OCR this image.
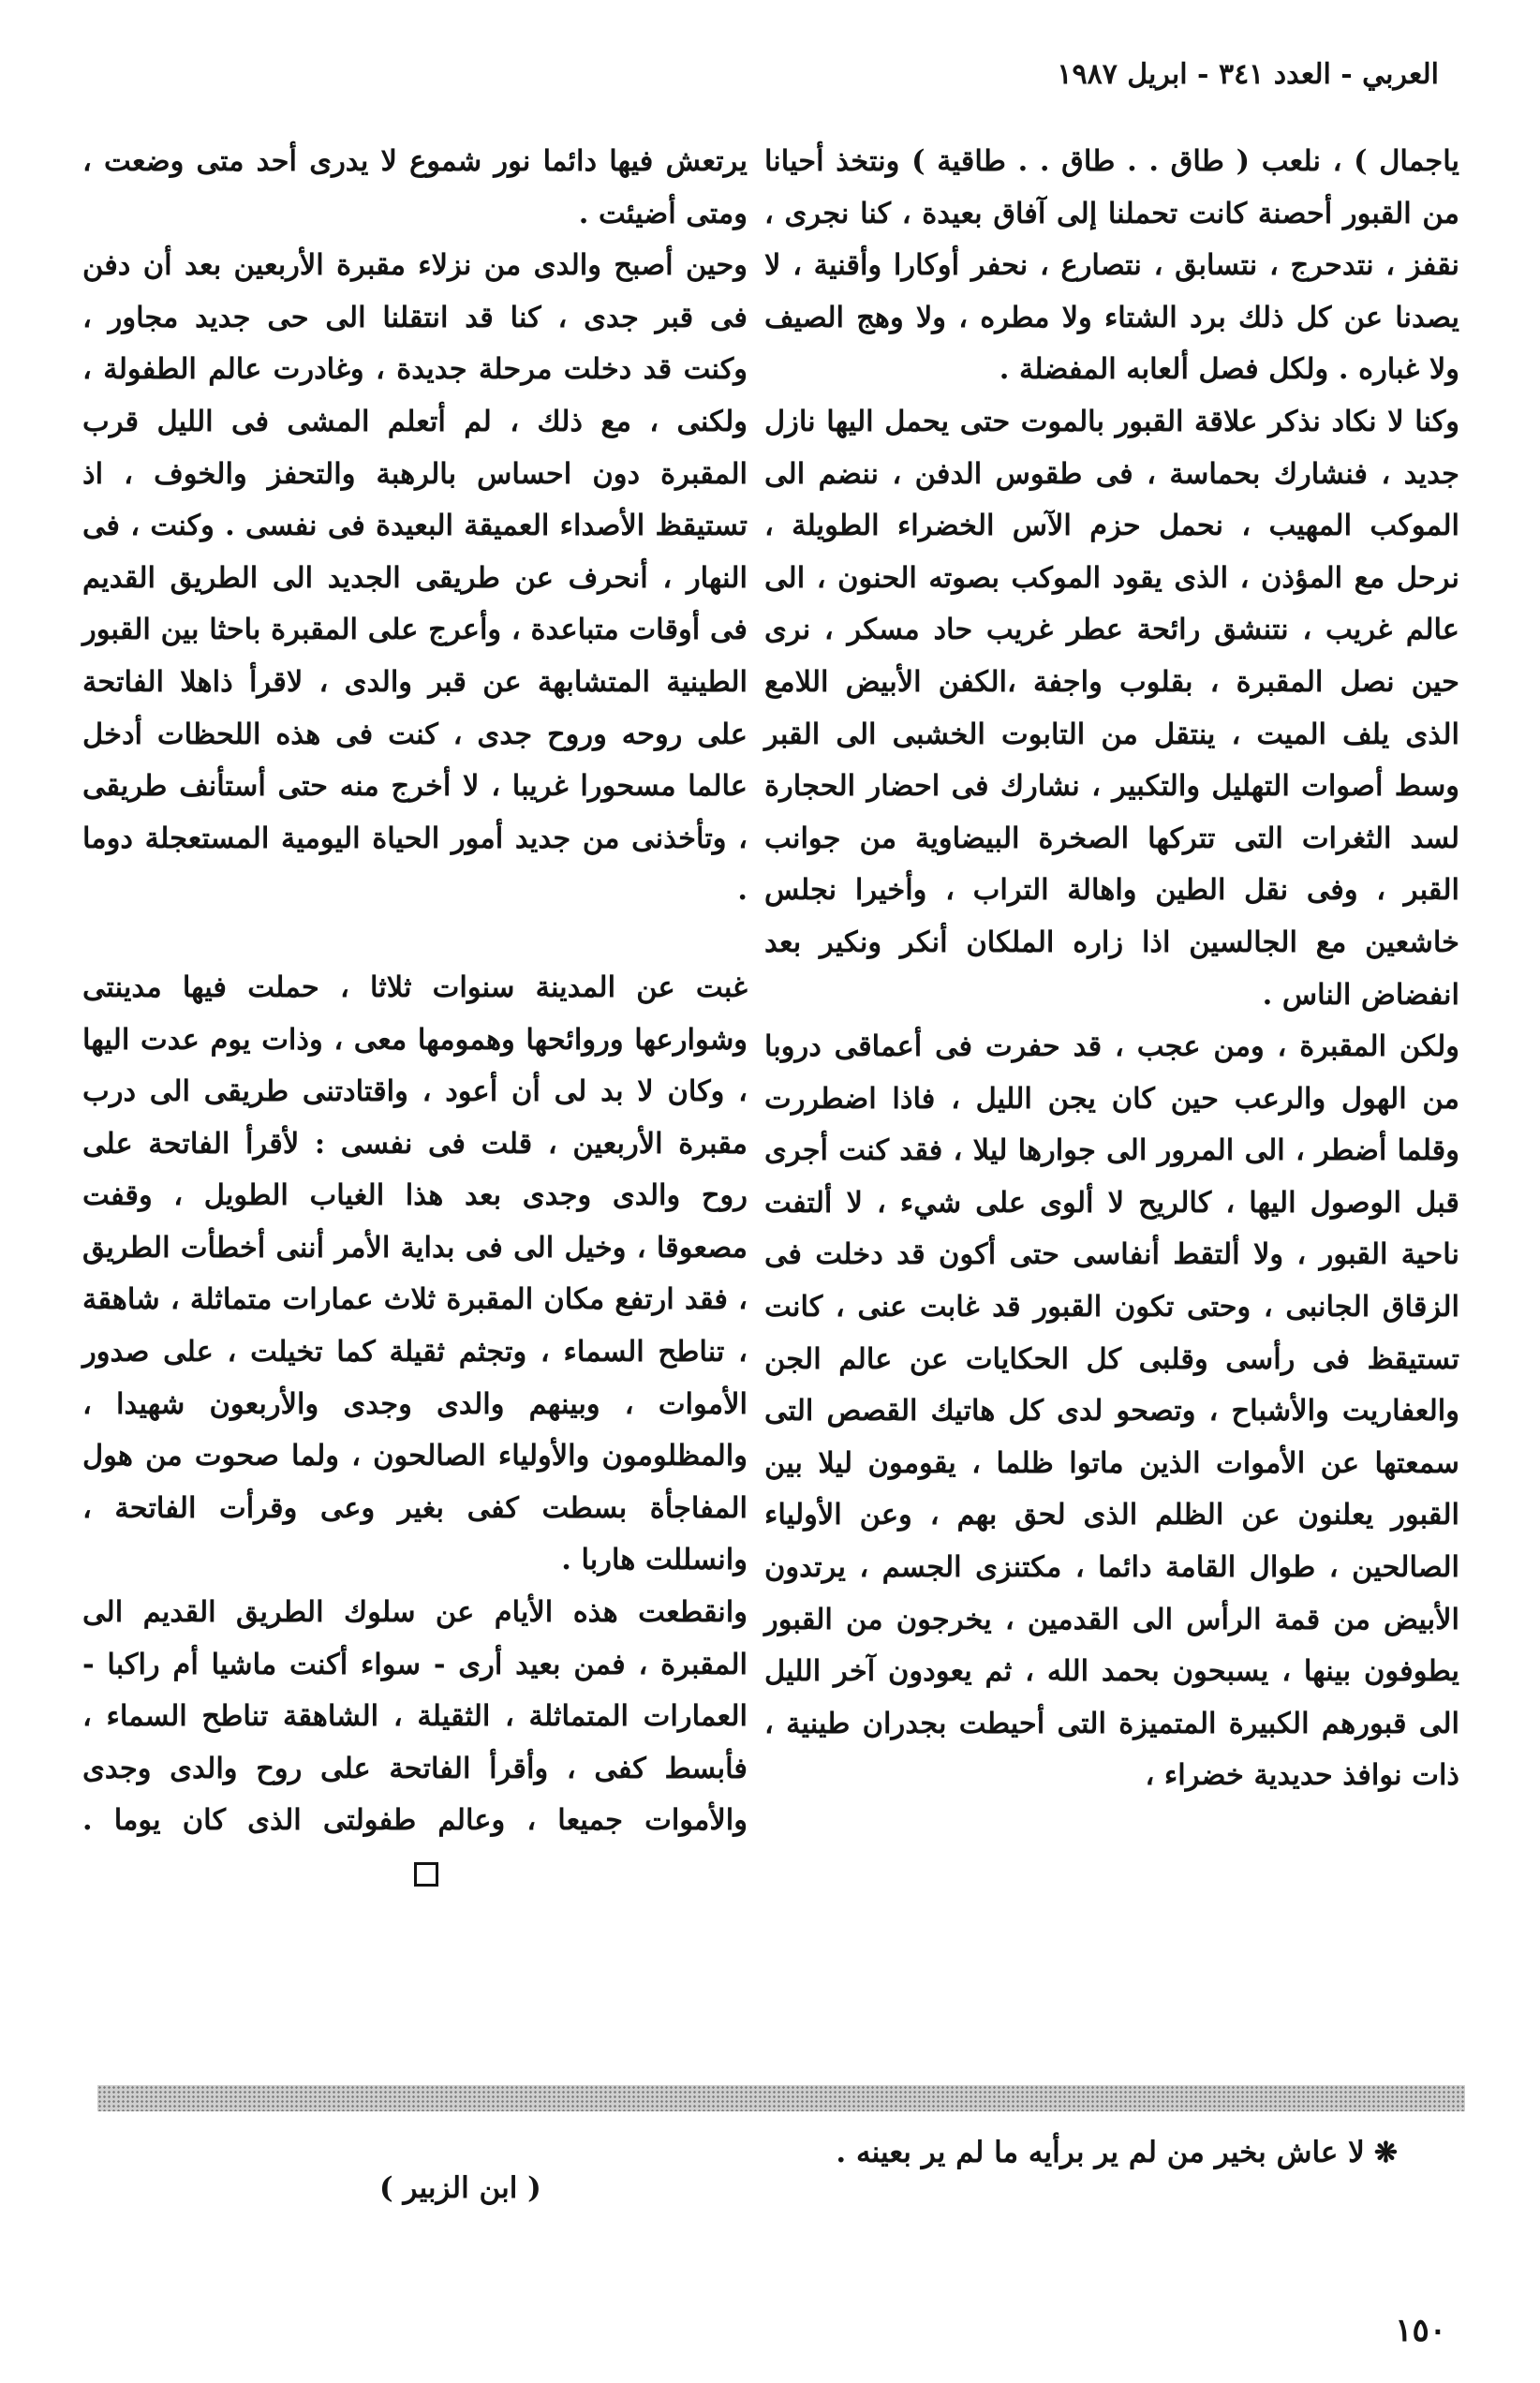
العربي - العدد ٣٤١ - ابريل ١٩٨٧

ياجمال ) ، نلعب ( طاق . . طاق . . طاقية ) ونتخذ أحيانا من القبور أحصنة كانت تحملنا إلى آفاق بعيدة ، كنا نجرى ، نقفز ، نتدحرج ، نتسابق ، نتصارع ، نحفر أوكارا وأقنية ، لا يصدنا عن كل ذلك برد الشتاء ولا مطره ، ولا وهج الصيف ولا غباره . ولكل فصل ألعابه المفضلة .

وكنا لا نكاد نذكر علاقة القبور بالموت حتى يحمل اليها نازل جديد ، فنشارك بحماسة ، فى طقوس الدفن ، ننضم الى الموكب المهيب ، نحمل حزم الآس الخضراء الطويلة ، نرحل مع المؤذن ، الذى يقود الموكب بصوته الحنون ، الى عالم غريب ، نتنشق رائحة عطر غريب حاد مسكر ، نرى حين نصل المقبرة ، بقلوب واجفة ،الكفن الأبيض اللامع الذى يلف الميت ، ينتقل من التابوت الخشبى الى القبر وسط أصوات التهليل والتكبير ، نشارك فى احضار الحجارة لسد الثغرات التى تتركها الصخرة البيضاوية من جوانب القبر ، وفى نقل الطين واهالة التراب ، وأخيرا نجلس خاشعين مع الجالسين اذا زاره الملكان أنكر ونكير بعد انفضاض الناس .

ولكن المقبرة ، ومن عجب ، قد حفرت فى أعماقى دروبا من الهول والرعب حين كان يجن الليل ، فاذا اضطررت وقلما أضطر ، الى المرور الى جوارها ليلا ، فقد كنت أجرى قبل الوصول اليها ، كالريح لا ألوى على شيء ، لا ألتفت ناحية القبور ، ولا ألتقط أنفاسى حتى أكون قد دخلت فى الزقاق الجانبى ، وحتى تكون القبور قد غابت عنى ، كانت تستيقظ فى رأسى وقلبى كل الحكايات عن عالم الجن والعفاريت والأشباح ، وتصحو لدى كل هاتيك القصص التى سمعتها عن الأموات الذين ماتوا ظلما ، يقومون ليلا بين القبور يعلنون عن الظلم الذى لحق بهم ، وعن الأولياء الصالحين ، طوال القامة دائما ، مكتنزى الجسم ، يرتدون الأبيض من قمة الرأس الى القدمين ، يخرجون من القبور يطوفون بينها ، يسبحون بحمد الله ، ثم يعودون آخر الليل الى قبورهم الكبيرة المتميزة التى أحيطت بجدران طينية ، ذات نوافذ حديدية خضراء ،

يرتعش فيها دائما نور شموع لا يدرى أحد متى وضعت ، ومتى أضيئت .

وحين أصبح والدى من نزلاء مقبرة الأربعين بعد أن دفن فى قبر جدى ، كنا قد انتقلنا الى حى جديد مجاور ، وكنت قد دخلت مرحلة جديدة ، وغادرت عالم الطفولة ، ولكنى ، مع ذلك ، لم أتعلم المشى فى الليل قرب المقبرة دون احساس بالرهبة والتحفز والخوف ، اذ تستيقظ الأصداء العميقة البعيدة فى نفسى . وكنت ، فى النهار ، أنحرف عن طريقى الجديد الى الطريق القديم فى أوقات متباعدة ، وأعرج على المقبرة باحثا بين القبور الطينية المتشابهة عن قبر والدى ، لاقرأ ذاهلا الفاتحة على روحه وروح جدى ، كنت فى هذه اللحظات أدخل عالما مسحورا غريبا ، لا أخرج منه حتى أستأنف طريقى ، وتأخذنى من جديد أمور الحياة اليومية المستعجلة دوما .

غبت عن المدينة سنوات ثلاثا ، حملت فيها مدينتى وشوارعها وروائحها وهمومها معى ، وذات يوم عدت اليها ، وكان لا بد لى أن أعود ، واقتادتنى طريقى الى درب مقبرة الأربعين ، قلت فى نفسى : لأقرأ الفاتحة على روح والدى وجدى بعد هذا الغياب الطويل ، وقفت مصعوقا ، وخيل الى فى بداية الأمر أننى أخطأت الطريق ، فقد ارتفع مكان المقبرة ثلاث عمارات متماثلة ، شاهقة ، تناطح السماء ، وتجثم ثقيلة كما تخيلت ، على صدور الأموات ، وبينهم والدى وجدى والأربعون شهيدا ، والمظلومون والأولياء الصالحون ، ولما صحوت من هول المفاجأة بسطت كفى بغير وعى وقرأت الفاتحة ، وانسللت هاربا .

وانقطعت هذه الأيام عن سلوك الطريق القديم الى المقبرة ، فمن بعيد أرى - سواء أكنت ماشيا أم راكبا - العمارات المتماثلة ، الثقيلة ، الشاهقة تناطح السماء ، فأبسط كفى ، وأقرأ الفاتحة على روح والدى وجدى والأموات جميعا ، وعالم طفولتى الذى كان يوما .

❋لا عاش بخير من لم ير برأيه ما لم ير بعينه .
( ابن الزبير )
١٥٠
